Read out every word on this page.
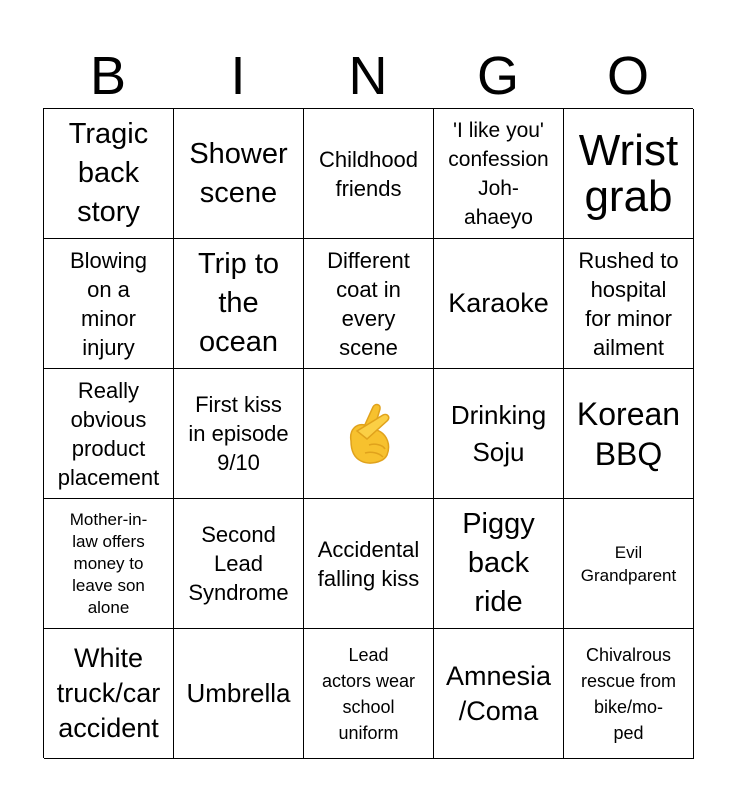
B	I	N	G	O
Tragic
back
story
Shower
scene
Childhood
friends
'I like you'
confession
Joh-
ahaeyo
Wrist
grab
Blowing
on a
minor
injury
Trip to
the
ocean
Different
coat in
every
scene
Karaoke
Rushed to
hospital
for minor
ailment
Really
obvious
product
placement
First kiss
in episode
9/10
Drinking
Soju
Korean
BBQ
Mother-in-
law offers
money to
leave son
alone
Second
Lead
Syndrome
Accidental
falling kiss
Piggy
back
ride
Evil
Grandparent
White
truck/car
accident
Umbrella
Lead
actors wear
school
uniform
Amnesia
/Coma
Chivalrous
rescue from
bike/mo-
ped
